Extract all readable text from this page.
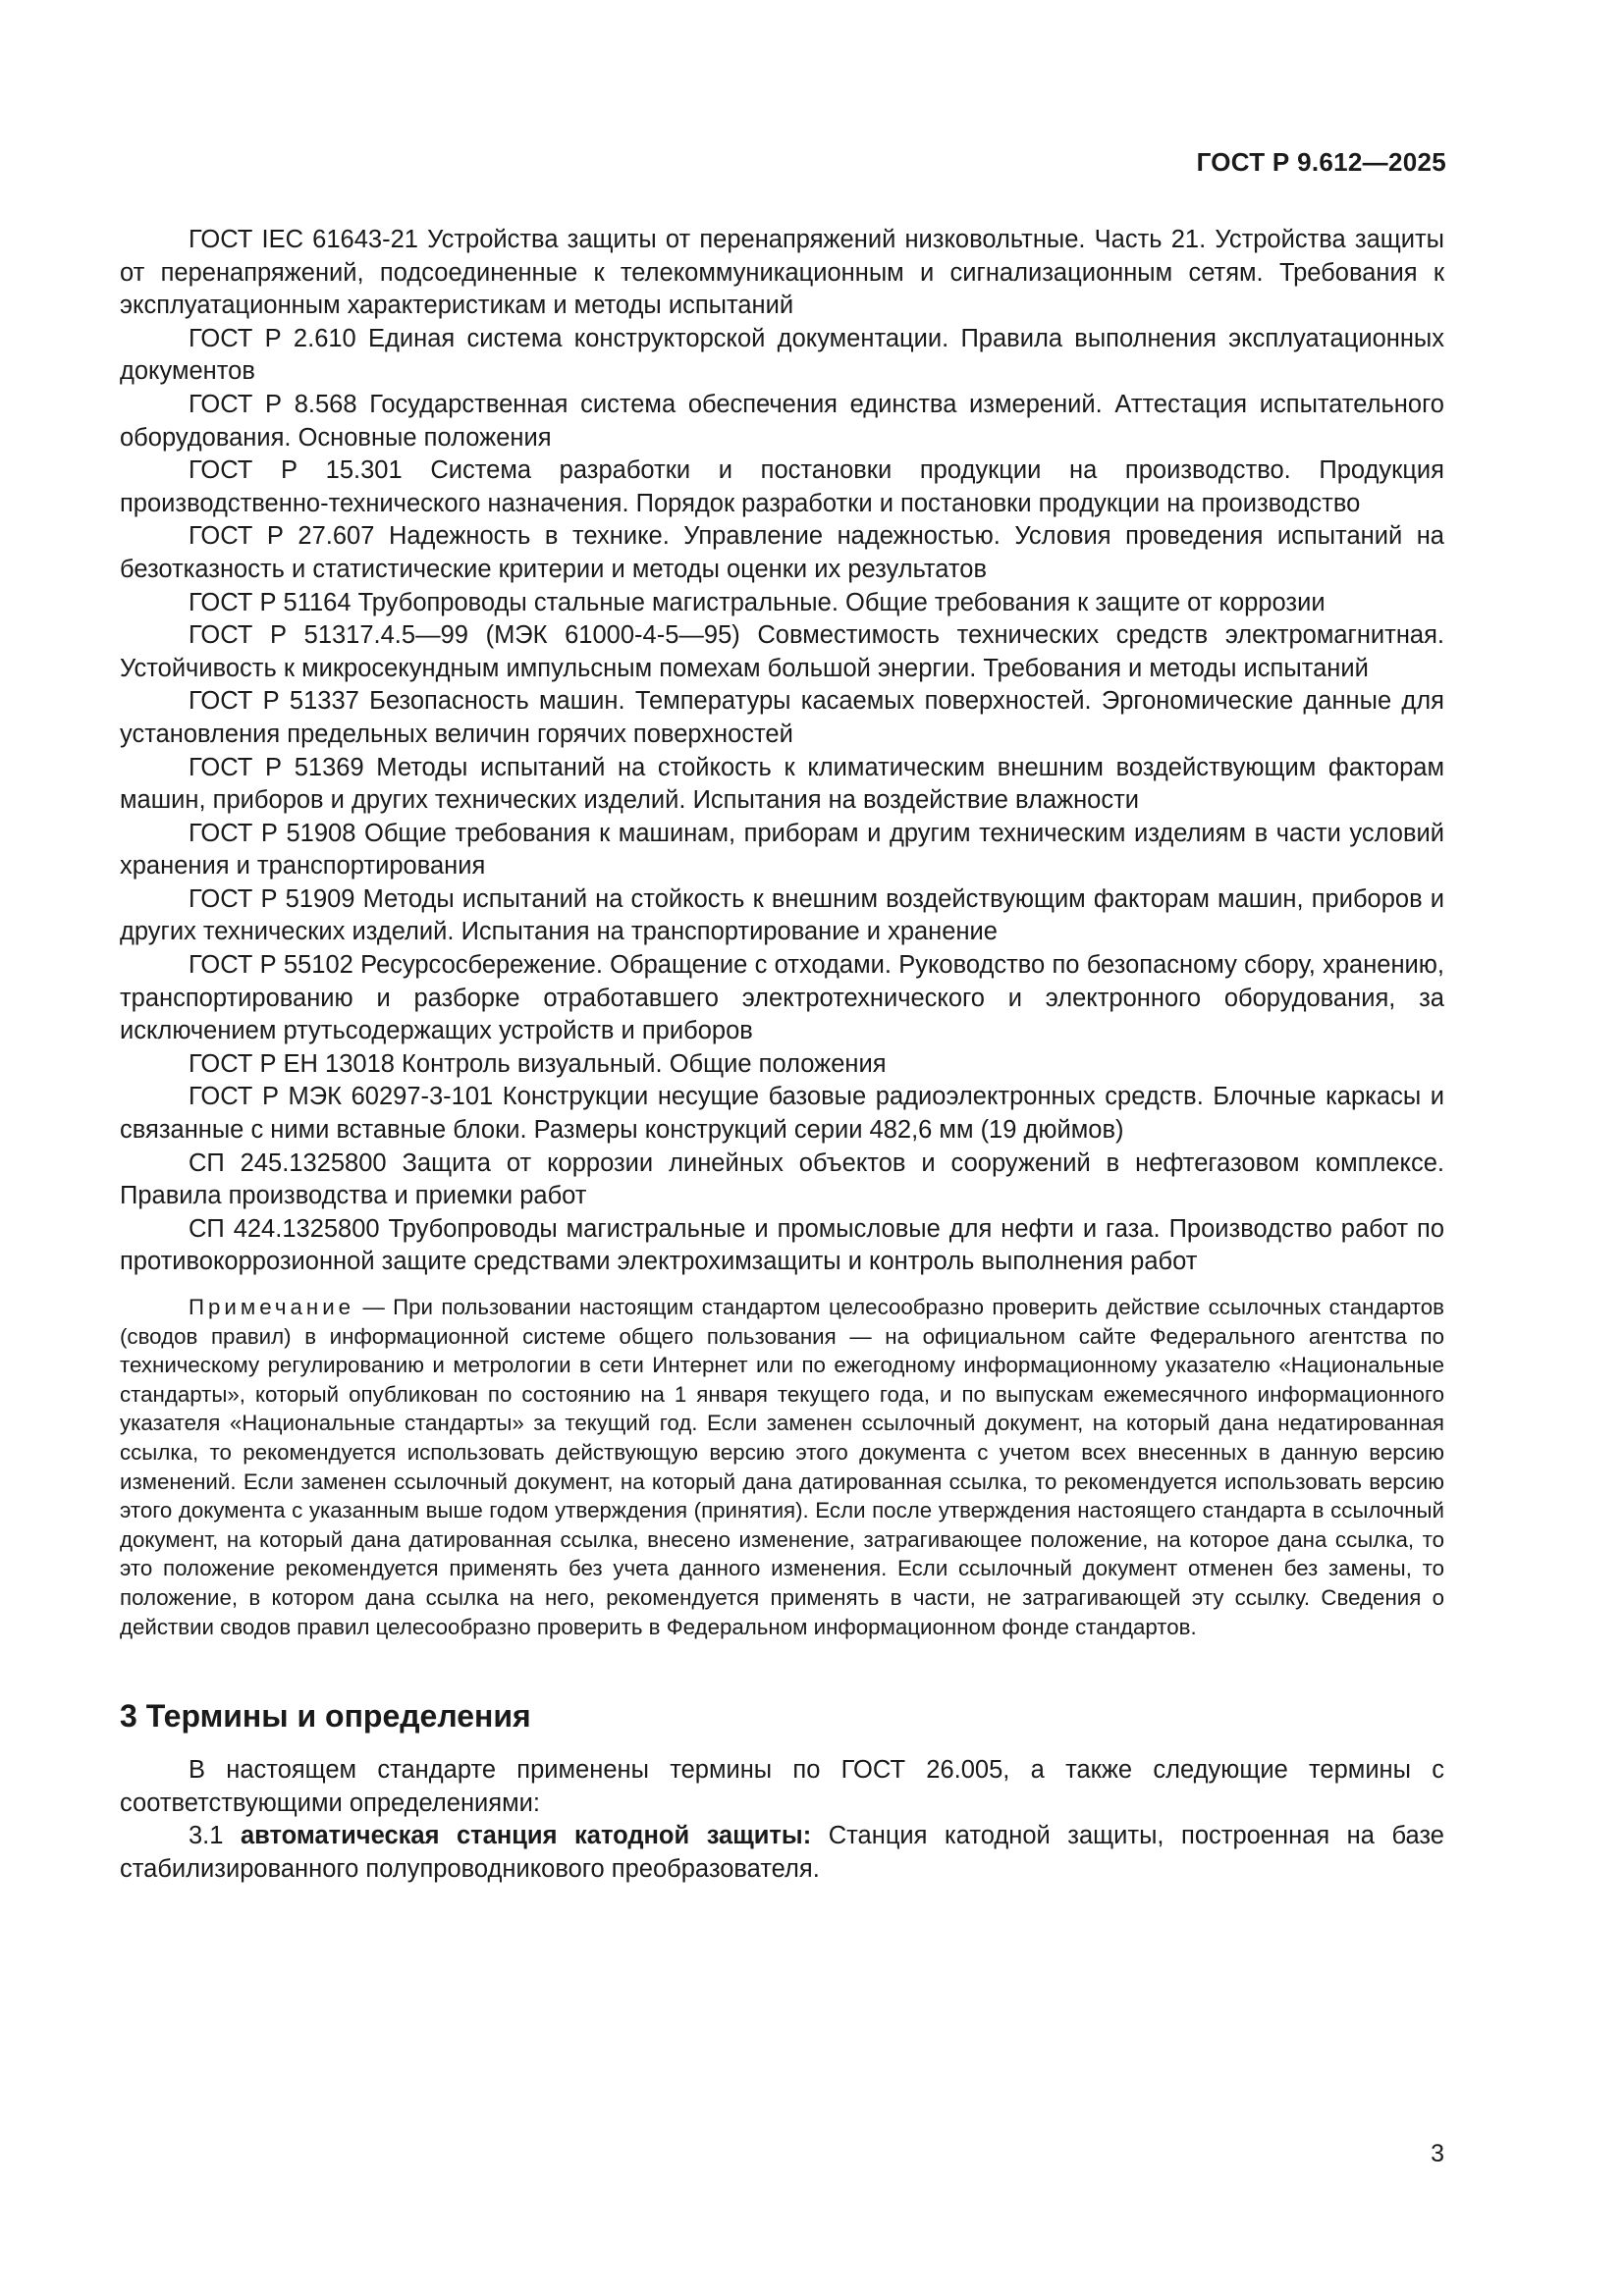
ГОСТ Р 9.612—2025

ГОСТ IEC 61643-21 Устройства защиты от перенапряжений низковольтные. Часть 21. Устройства защиты от перенапряжений, подсоединенные к телекоммуникационным и сигнализационным сетям. Требования к эксплуатационным характеристикам и методы испытаний

ГОСТ Р 2.610 Единая система конструкторской документации. Правила выполнения эксплуатационных документов

ГОСТ Р 8.568 Государственная система обеспечения единства измерений. Аттестация испытательного оборудования. Основные положения

ГОСТ Р 15.301 Система разработки и постановки продукции на производство. Продукция производственно-технического назначения. Порядок разработки и постановки продукции на производство

ГОСТ Р 27.607 Надежность в технике. Управление надежностью. Условия проведения испытаний на безотказность и статистические критерии и методы оценки их результатов

ГОСТ Р 51164 Трубопроводы стальные магистральные. Общие требования к защите от коррозии

ГОСТ Р 51317.4.5—99 (МЭК 61000-4-5—95) Совместимость технических средств электромагнитная. Устойчивость к микросекундным импульсным помехам большой энергии. Требования и методы испытаний

ГОСТ Р 51337 Безопасность машин. Температуры касаемых поверхностей. Эргономические данные для установления предельных величин горячих поверхностей

ГОСТ Р 51369 Методы испытаний на стойкость к климатическим внешним воздействующим факторам машин, приборов и других технических изделий. Испытания на воздействие влажности

ГОСТ Р 51908 Общие требования к машинам, приборам и другим техническим изделиям в части условий хранения и транспортирования

ГОСТ Р 51909 Методы испытаний на стойкость к внешним воздействующим факторам машин, приборов и других технических изделий. Испытания на транспортирование и хранение

ГОСТ Р 55102 Ресурсосбережение. Обращение с отходами. Руководство по безопасному сбору, хранению, транспортированию и разборке отработавшего электротехнического и электронного оборудования, за исключением ртутьсодержащих устройств и приборов

ГОСТ Р ЕН 13018 Контроль визуальный. Общие положения

ГОСТ Р МЭК 60297-3-101 Конструкции несущие базовые радиоэлектронных средств. Блочные каркасы и связанные с ними вставные блоки. Размеры конструкций серии 482,6 мм (19 дюймов)

СП 245.1325800 Защита от коррозии линейных объектов и сооружений в нефтегазовом комплексе. Правила производства и приемки работ

СП 424.1325800 Трубопроводы магистральные и промысловые для нефти и газа. Производство работ по противокоррозионной защите средствами электрохимзащиты и контроль выполнения работ

Примечание — При пользовании настоящим стандартом целесообразно проверить действие ссылочных стандартов (сводов правил) в информационной системе общего пользования — на официальном сайте Федерального агентства по техническому регулированию и метрологии в сети Интернет или по ежегодному информационному указателю «Национальные стандарты», который опубликован по состоянию на 1 января текущего года, и по выпускам ежемесячного информационного указателя «Национальные стандарты» за текущий год. Если заменен ссылочный документ, на который дана недатированная ссылка, то рекомендуется использовать действующую версию этого документа с учетом всех внесенных в данную версию изменений. Если заменен ссылочный документ, на который дана датированная ссылка, то рекомендуется использовать версию этого документа с указанным выше годом утверждения (принятия). Если после утверждения настоящего стандарта в ссылочный документ, на который дана датированная ссылка, внесено изменение, затрагивающее положение, на которое дана ссылка, то это положение рекомендуется применять без учета данного изменения. Если ссылочный документ отменен без замены, то положение, в котором дана ссылка на него, рекомендуется применять в части, не затрагивающей эту ссылку. Сведения о действии сводов правил целесообразно проверить в Федеральном информационном фонде стандартов.
3 Термины и определения

В настоящем стандарте применены термины по ГОСТ 26.005, а также следующие термины с соответствующими определениями:

3.1 автоматическая станция катодной защиты: Станция катодной защиты, построенная на базе стабилизированного полупроводникового преобразователя.

3
